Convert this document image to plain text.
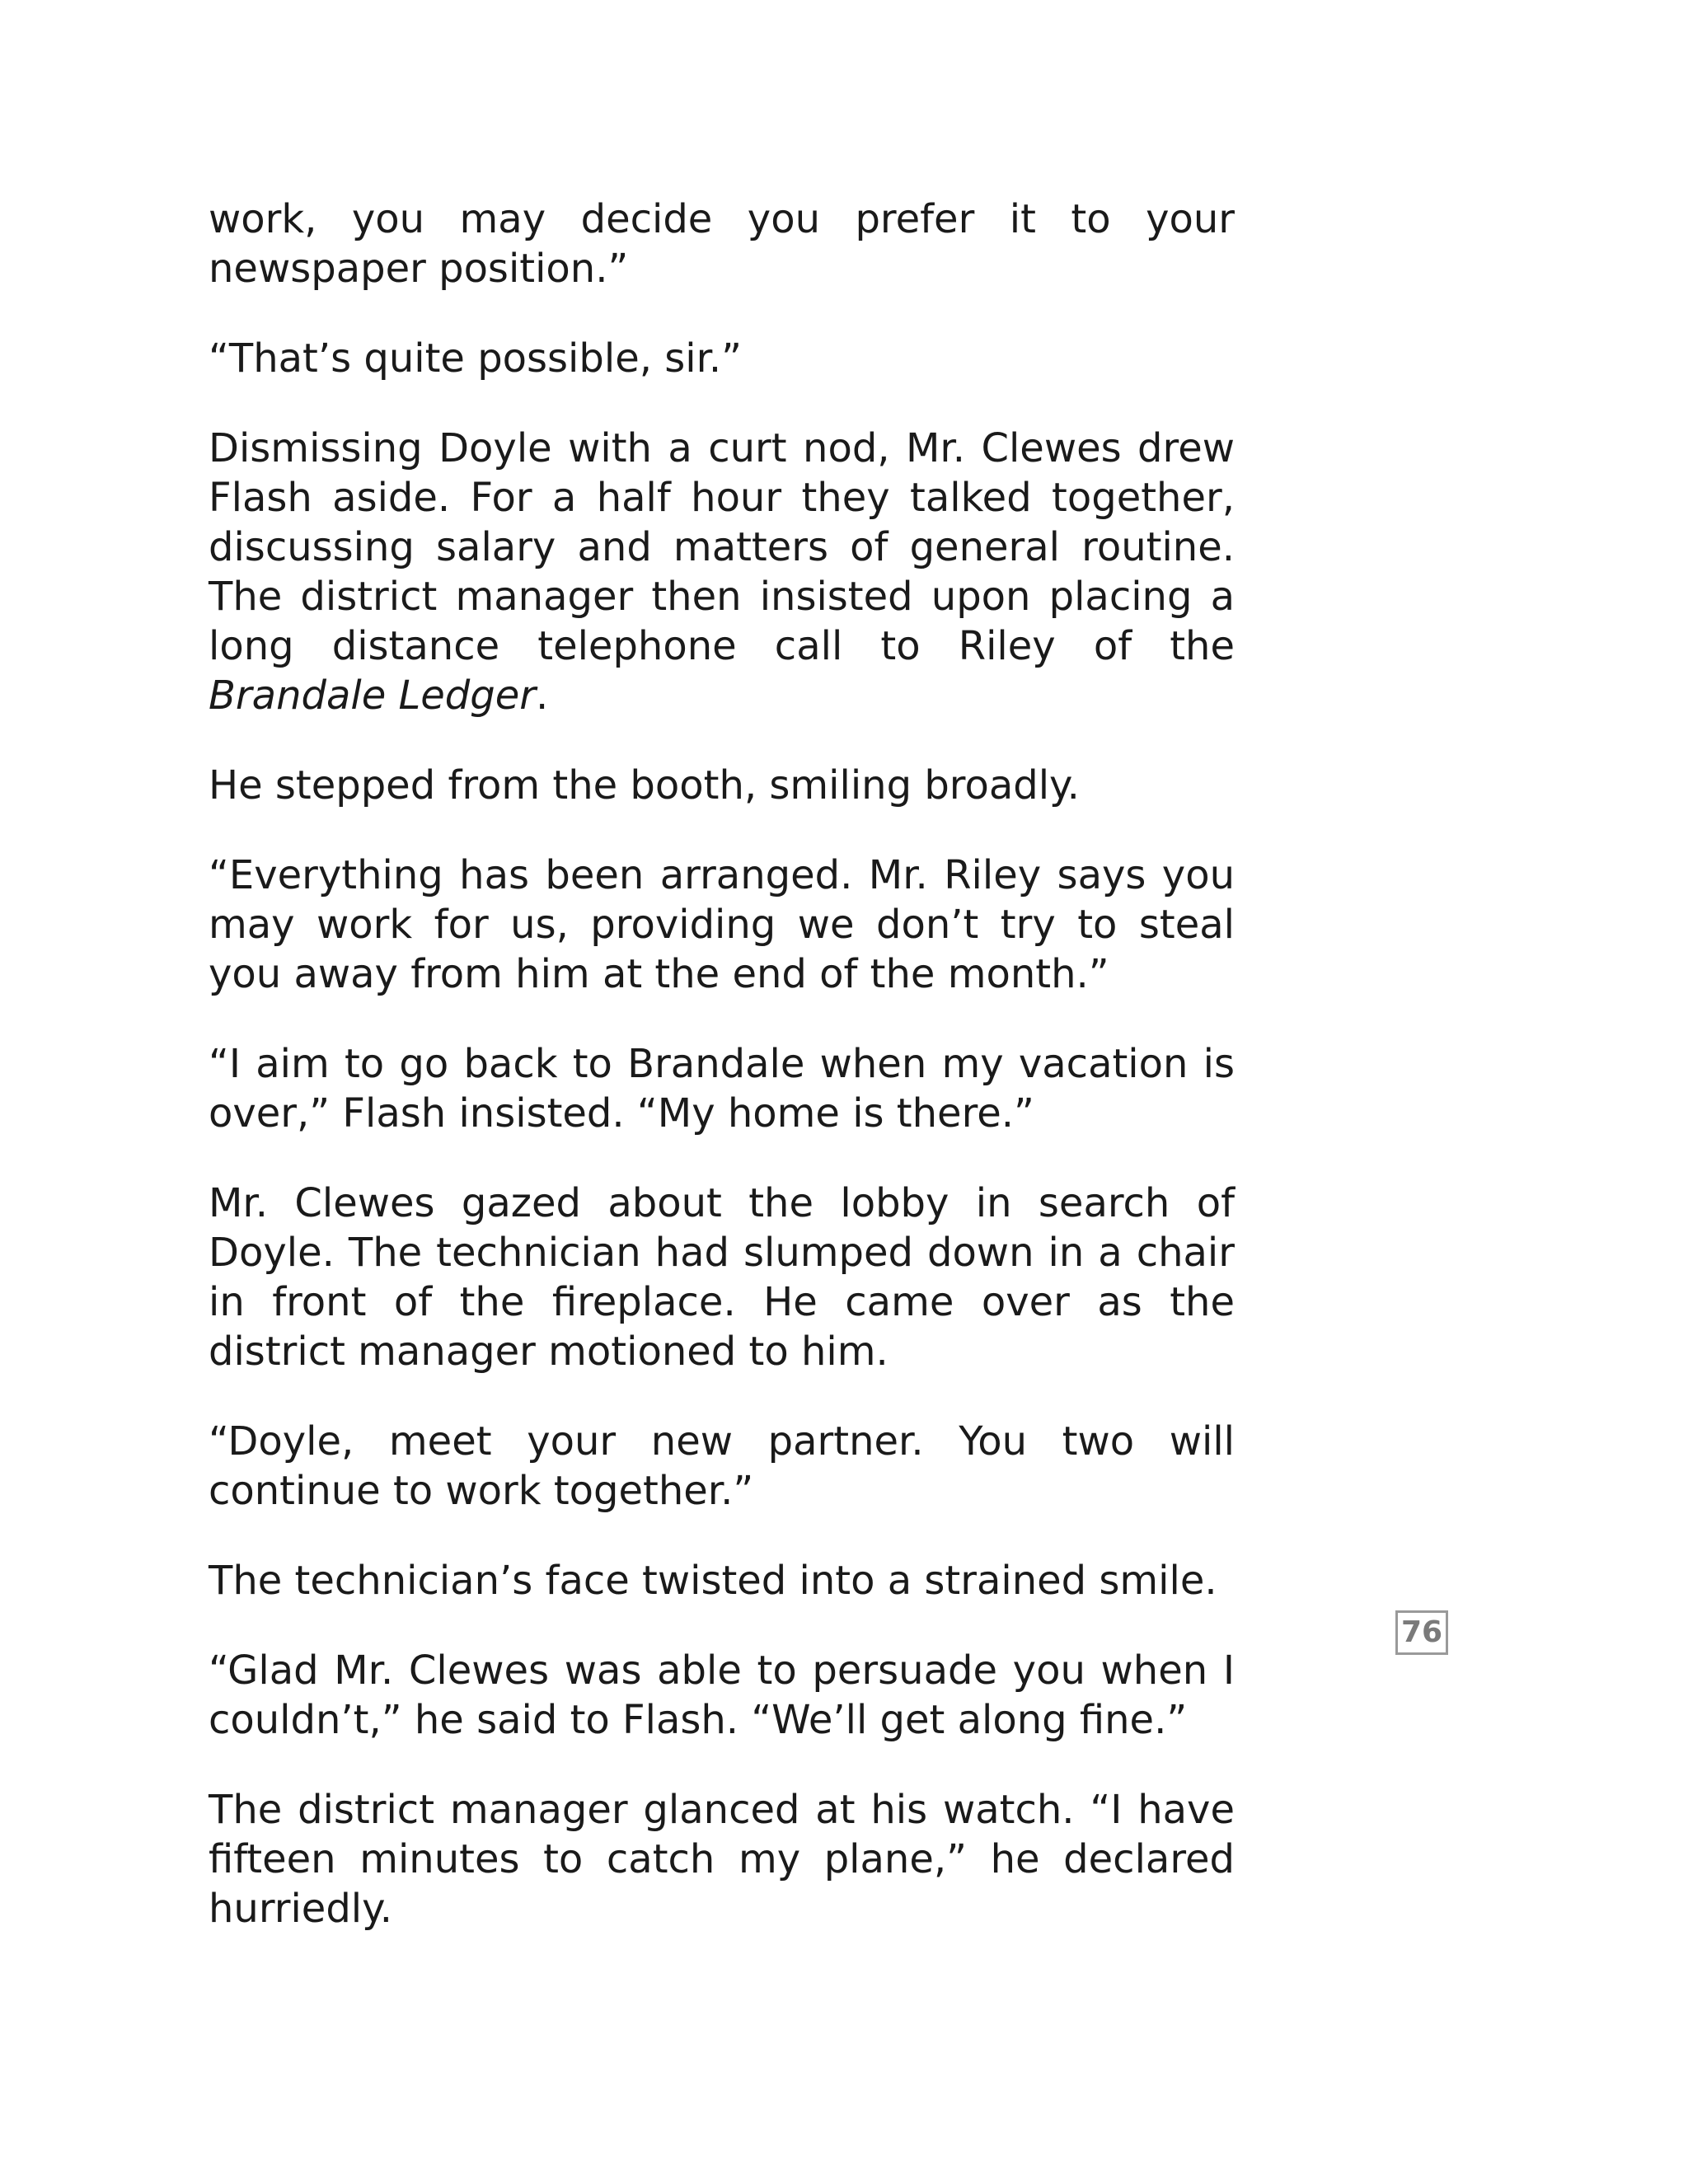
work, you may decide you prefer it to your newspaper position.”

“That’s quite possible, sir.”

Dismissing Doyle with a curt nod, Mr. Clewes drew Flash aside. For a half hour they talked together, discussing salary and matters of general routine. The district manager then insisted upon placing a long distance telephone call to Riley of the Brandale Ledger.

He stepped from the booth, smiling broadly.

“Everything has been arranged. Mr. Riley says you may work for us, providing we don’t try to steal you away from him at the end of the month.”

“I aim to go back to Brandale when my vacation is over,” Flash insisted. “My home is there.”

Mr. Clewes gazed about the lobby in search of Doyle. The technician had slumped down in a chair in front of the fireplace. He came over as the district manager motioned to him.

“Doyle, meet your new partner. You two will continue to work together.”

The technician’s face twisted into a strained smile.

“Glad Mr. Clewes was able to persuade you when I couldn’t,” he said to Flash. “We’ll get along fine.”

The district manager glanced at his watch. “I have fifteen minutes to catch my plane,” he declared hurriedly.

76
